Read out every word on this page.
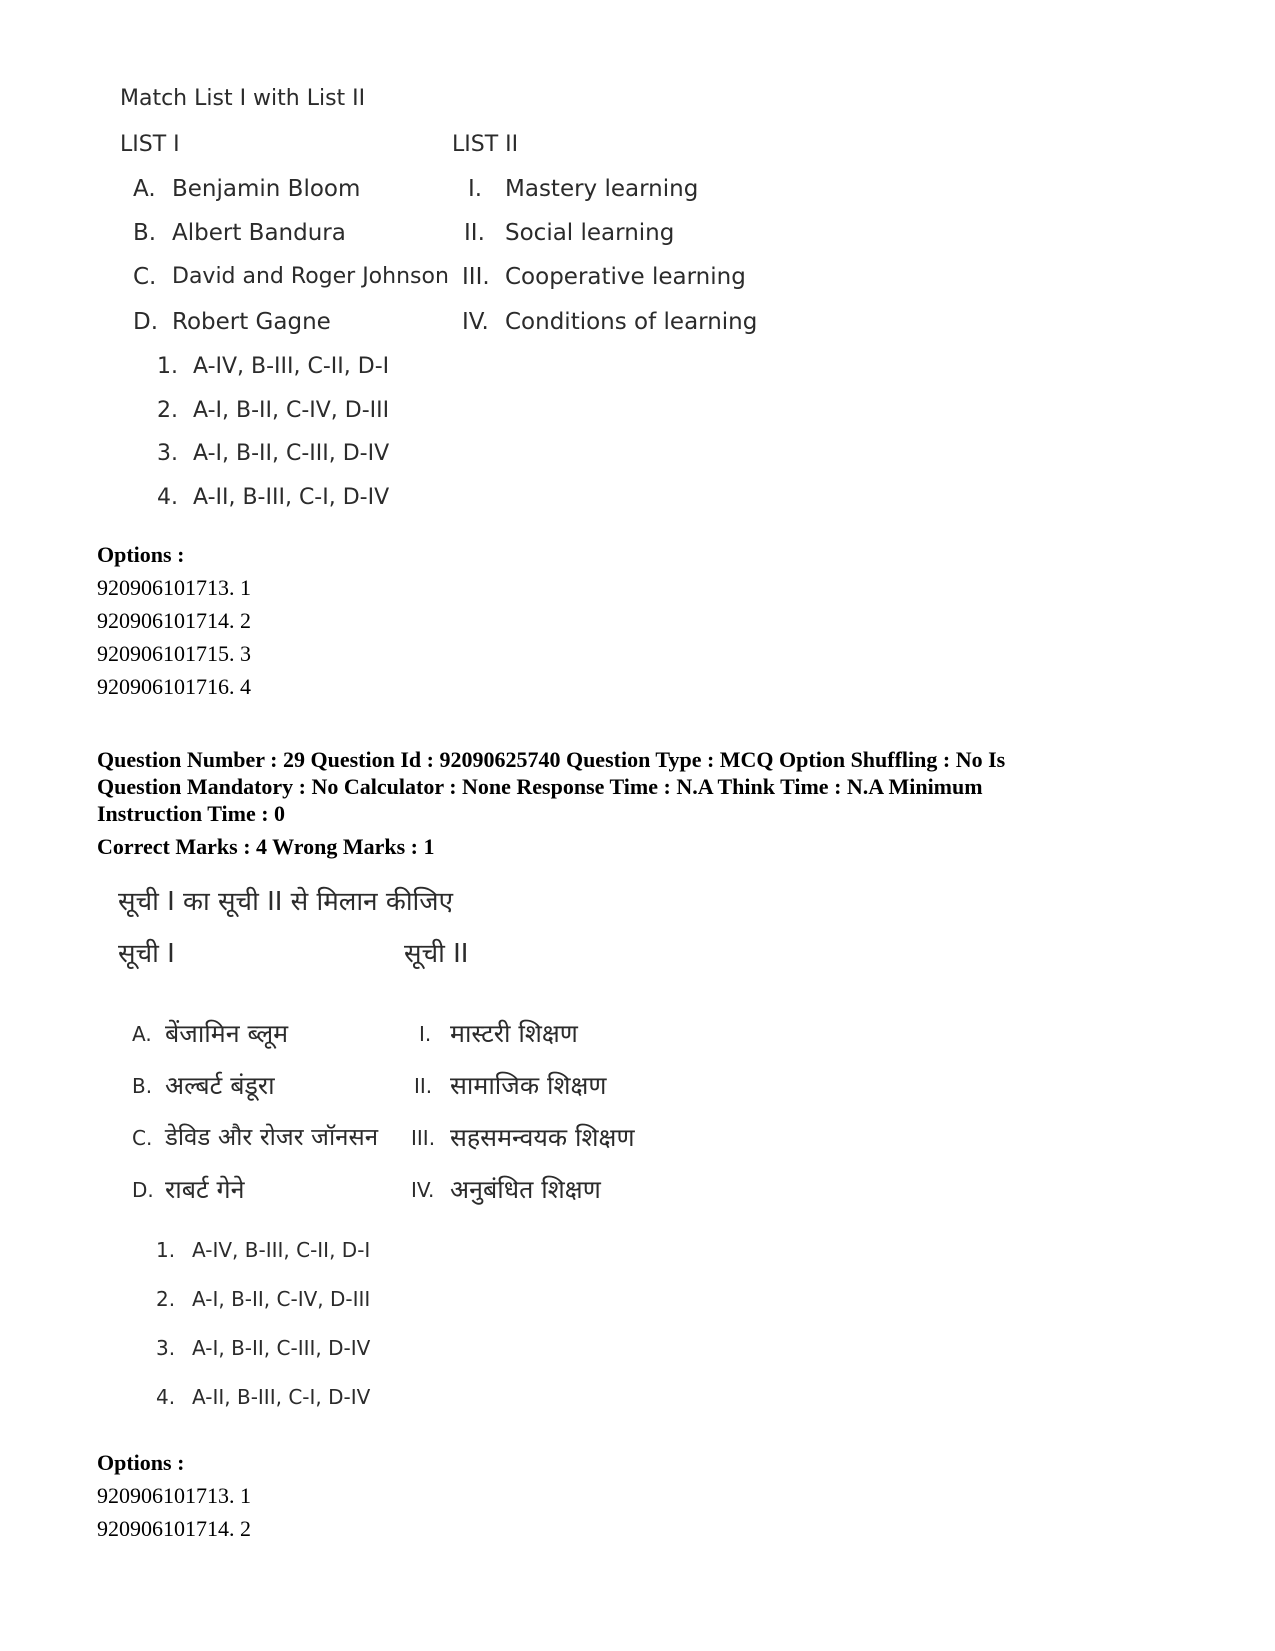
Match List I with List II
LIST I	LIST II
A. Benjamin Bloom	I. Mastery learning
B. Albert Bandura	II. Social learning
C. David and Roger Johnson III. Cooperative learning
D. Robert Gagne	IV. Conditions of learning
1. A-IV, B-III, C-II, D-I
2. A-I, B-II, C-IV, D-III
3. A-I, B-II, C-III, D-IV
4. A-II, B-III, C-I, D-IV
Options :
920906101713. 1
920906101714. 2
920906101715. 3
920906101716. 4
Question Number : 29 Question Id : 92090625740 Question Type : MCQ Option Shuffling : No Is
Question Mandatory : No Calculator : None Response Time : N.A Think Time : N.A Minimum
Instruction Time : 0
Correct Marks : 4 Wrong Marks : 1
सूची I का सूची II से मिलान कीजिए
सूची I	सूची II
A. बेंजामिन ब्लूम	I. मास्टरी शिक्षण
B. अल्बर्ट बंडूरा	II. सामाजिक शिक्षण
C. डेविड और रोजर जॉनसन III. सहसमन्वयक शिक्षण
D. राबर्ट गेने	IV. अनुबंधित शिक्षण
1. A-IV, B-III, C-II, D-I
2. A-I, B-II, C-IV, D-III
3. A-I, B-II, C-III, D-IV
4. A-II, B-III, C-I, D-IV
Options :
920906101713. 1
920906101714. 2
